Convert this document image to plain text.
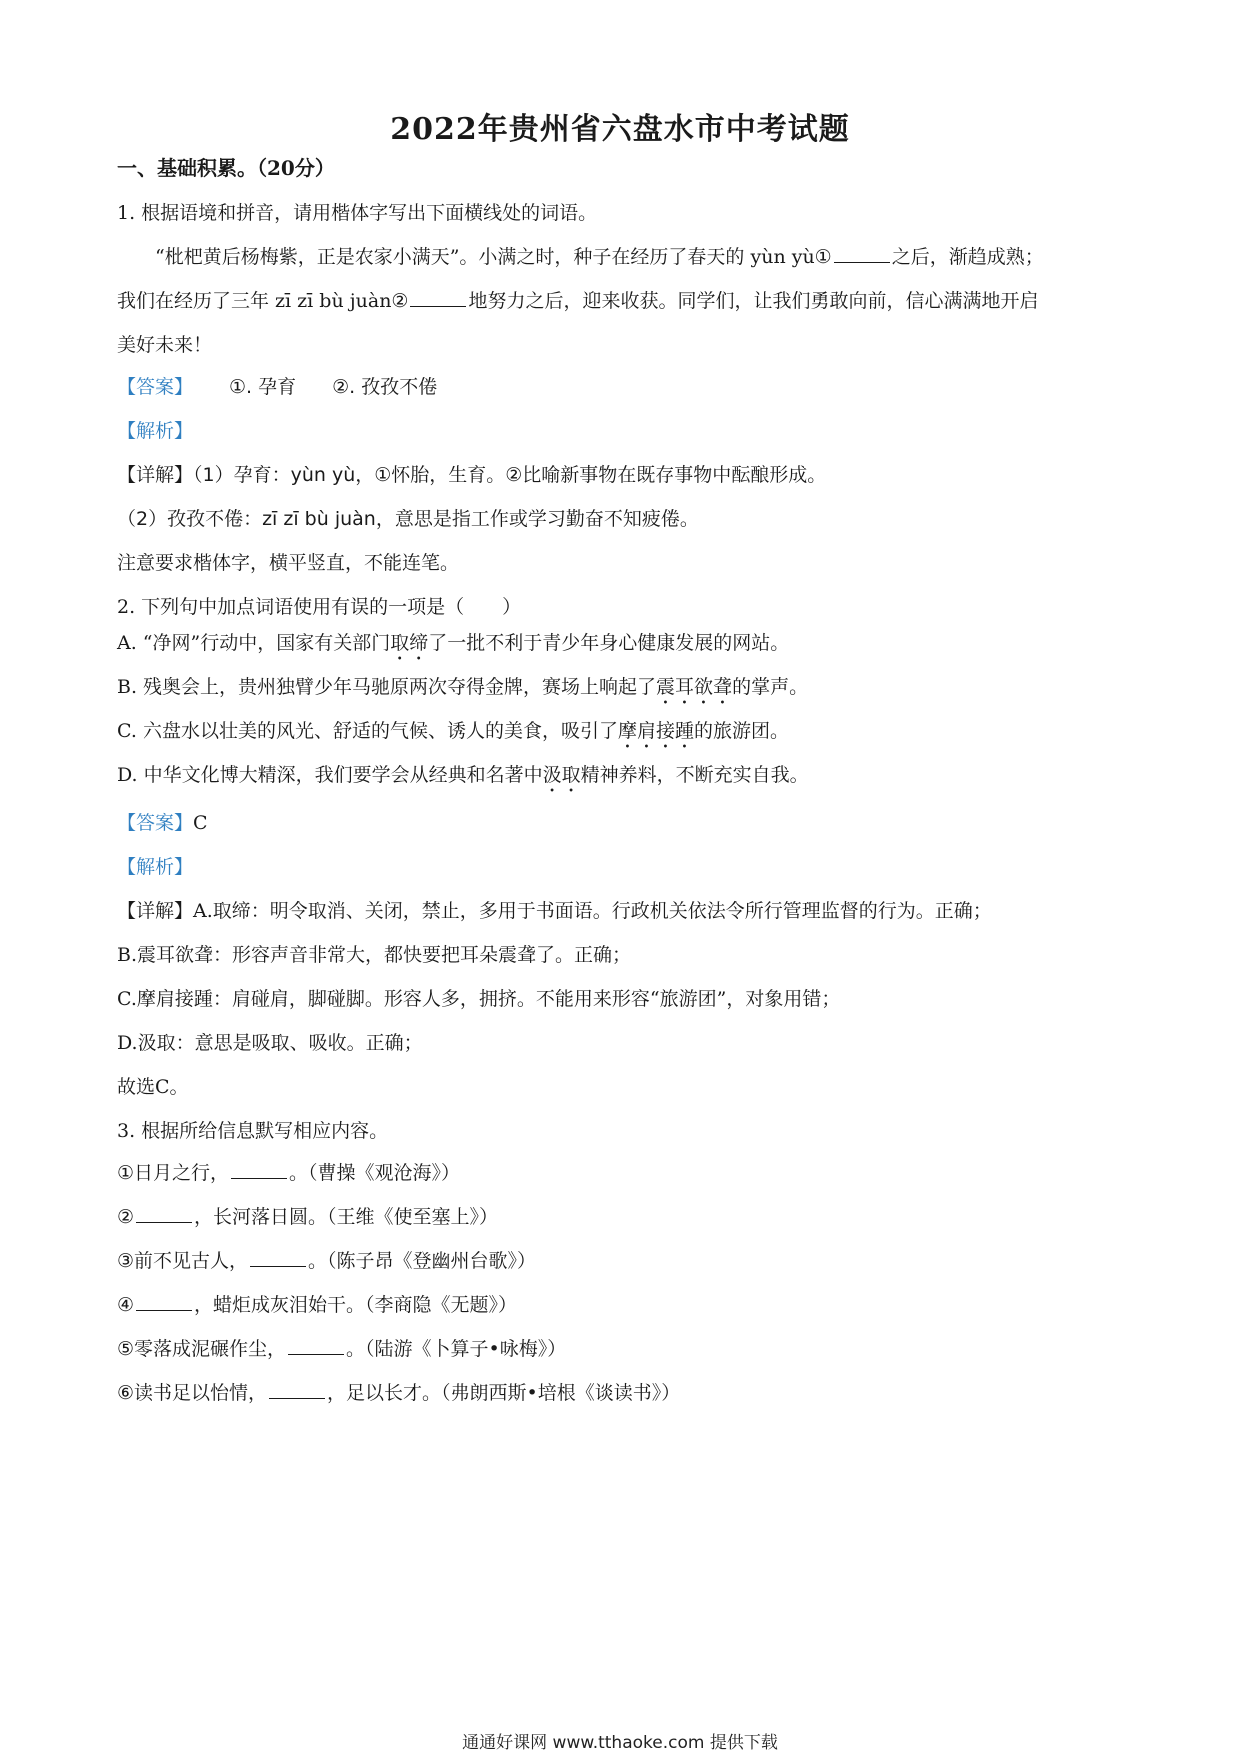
2022年贵州省六盘水市中考试题
一、基础积累。（20分）
1. 根据语境和拼音，请用楷体字写出下面横线处的词语。
“枇杷黄后杨梅紫，正是农家小满天”。小满之时，种子在经历了春天的 yùn yù①	之后，渐趋成熟；
我们在经历了三年 zī zī bù juàn②	地努力之后，迎来收获。同学们，让我们勇敢向前，信心满满地开启
美好未来！
【答案】 ①. 孕育 ②. 孜孜不倦
【解析】
【详解】（1）孕育：yùn yù，①怀胎，生育。②比喻新事物在既存事物中酝酿形成。
（2）孜孜不倦：zī zī bù juàn，意思是指工作或学习勤奋不知疲倦。
注意要求楷体字，横平竖直，不能连笔。
2. 下列句中加点词语使用有误的一项是（　　）
A. “净网”行动中，国家有关部门取缔了一批不利于青少年身心健康发展的网站。
B. 残奥会上，贵州独臂少年马驰原两次夺得金牌，赛场上响起了震耳欲聋的掌声。
C. 六盘水以壮美的风光、舒适的气候、诱人的美食，吸引了摩肩接踵的旅游团。
D. 中华文化博大精深，我们要学会从经典和名著中汲取精神养料，不断充实自我。
【答案】C
【解析】
【详解】A.取缔：明令取消、关闭，禁止，多用于书面语。行政机关依法令所行管理监督的行为。正确；
B.震耳欲聋：形容声音非常大，都快要把耳朵震聋了。正确；
C.摩肩接踵：肩碰肩，脚碰脚。形容人多，拥挤。不能用来形容“旅游团”，对象用错；
D.汲取：意思是吸取、吸收。正确；
故选C。
3. 根据所给信息默写相应内容。
①日月之行，	。（曹操《观沧海》）
②	，长河落日圆。（王维《使至塞上》）
③前不见古人，	。（陈子昂《登幽州台歌》）
④	，蜡炬成灰泪始干。（李商隐《无题》）
⑤零落成泥碾作尘，	。（陆游《卜算子•咏梅》）
⑥读书足以怡情，	，足以长才。（弗朗西斯•培根《谈读书》）
通通好课网 www.tthaoke.com 提供下载
